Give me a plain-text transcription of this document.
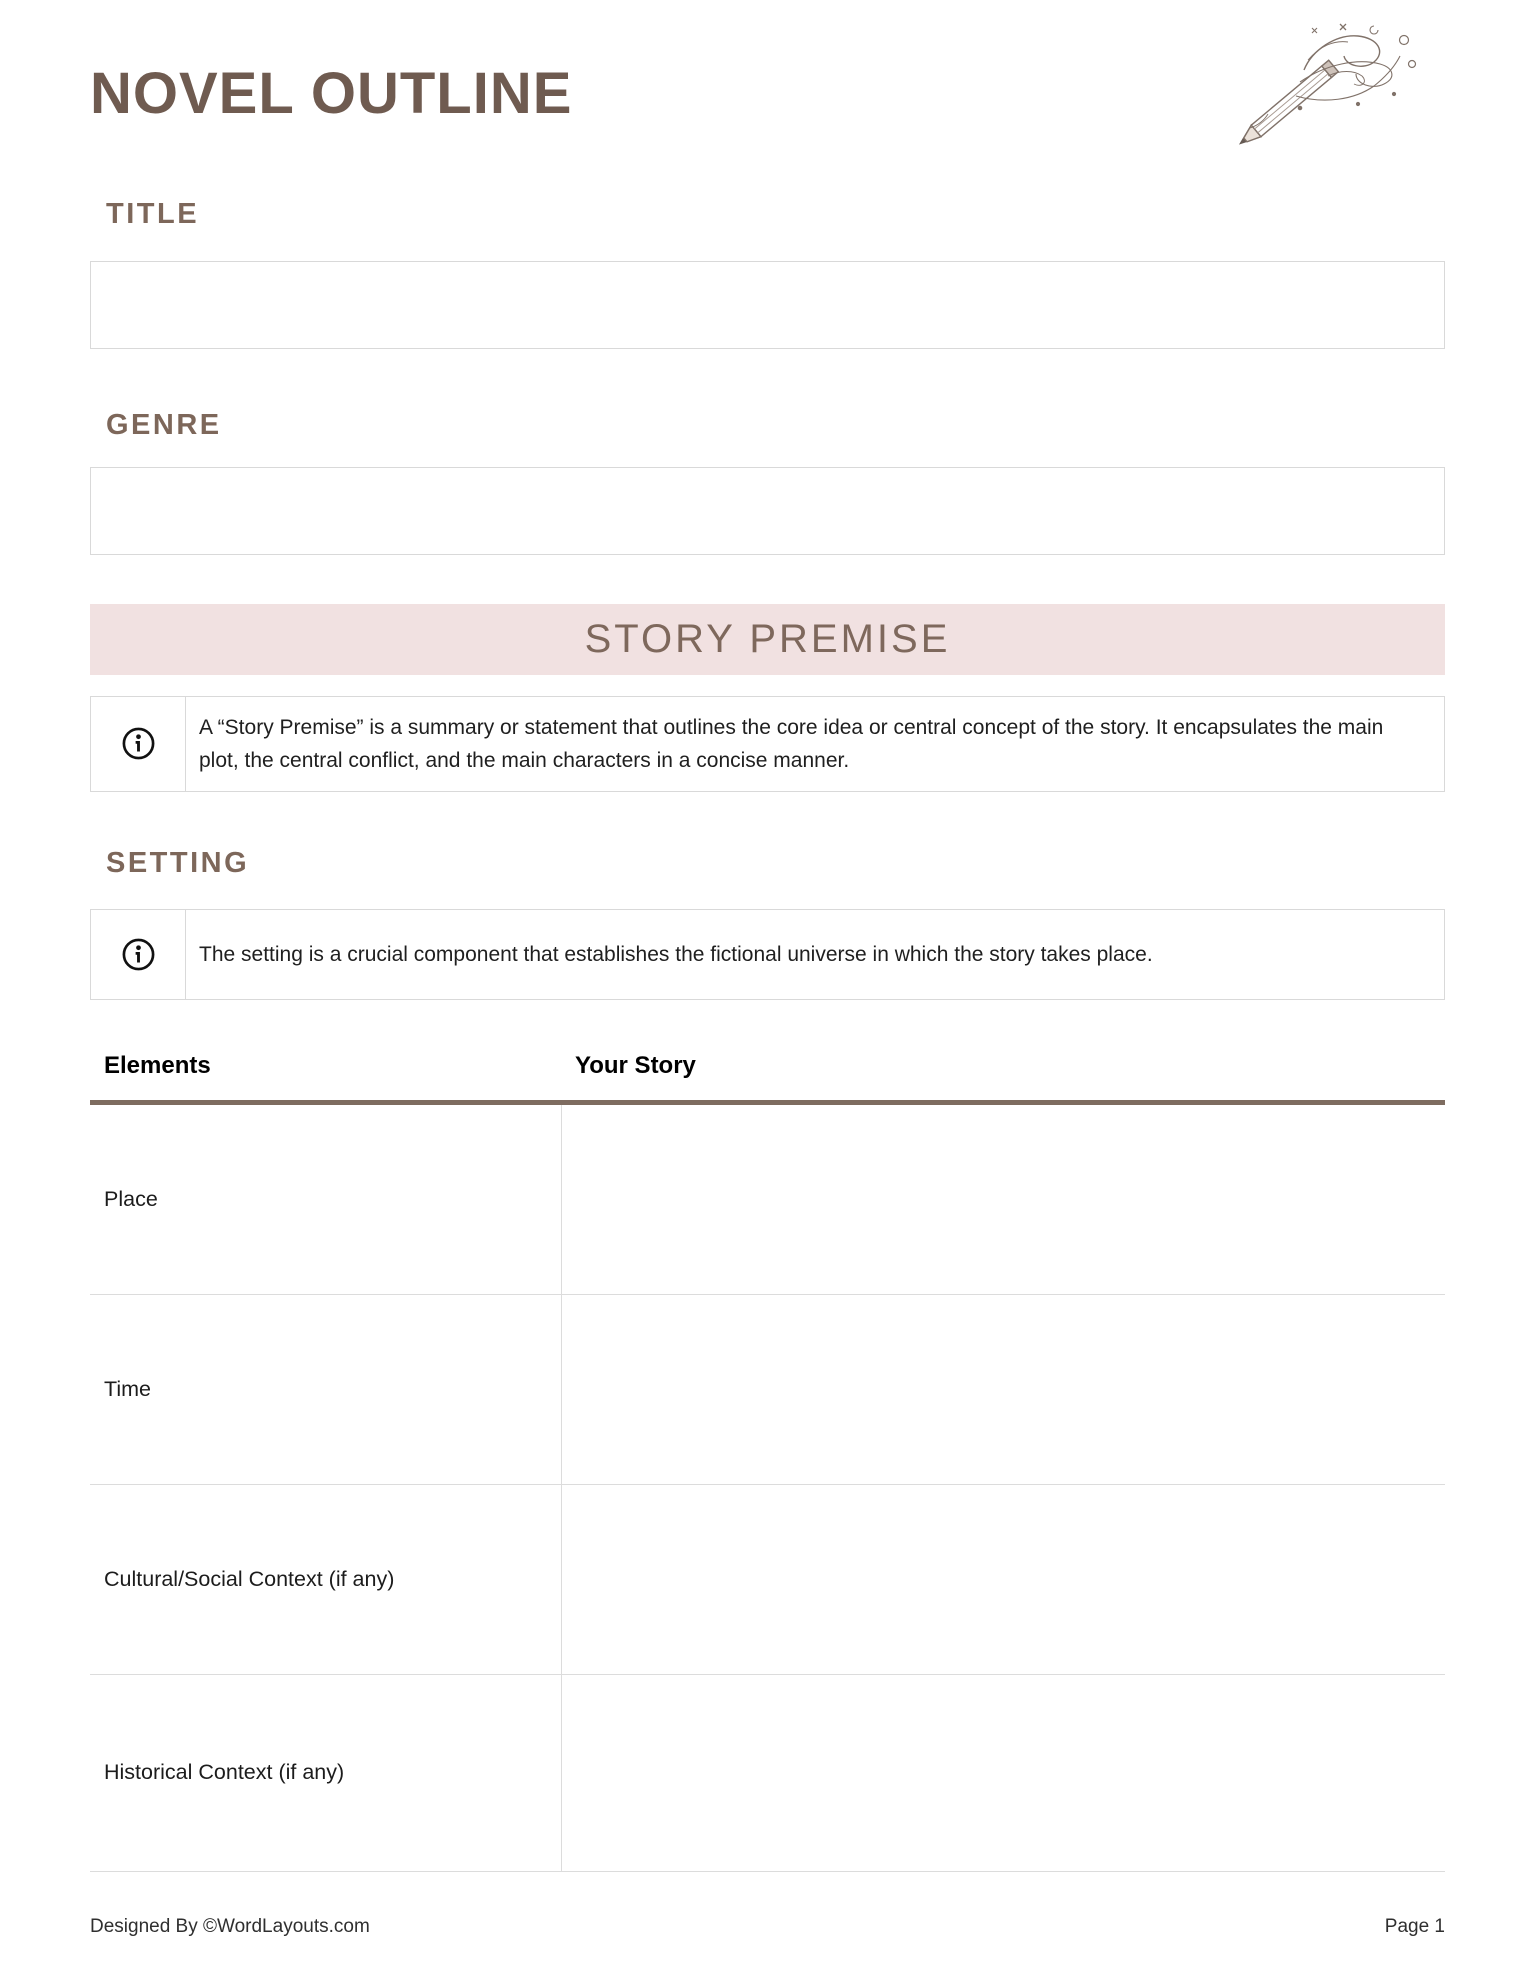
NOVEL OUTLINE
TITLE
GENRE
STORY PREMISE
A “Story Premise” is a summary or statement that outlines the core idea or central concept of the story. It encapsulates the main plot, the central conflict, and the main characters in a concise manner.
SETTING
The setting is a crucial component that establishes the fictional universe in which the story takes place.
Elements	Your Story
Place
Time
Cultural/Social Context (if any)
Historical Context (if any)
Designed By ©WordLayouts.com	Page 1
